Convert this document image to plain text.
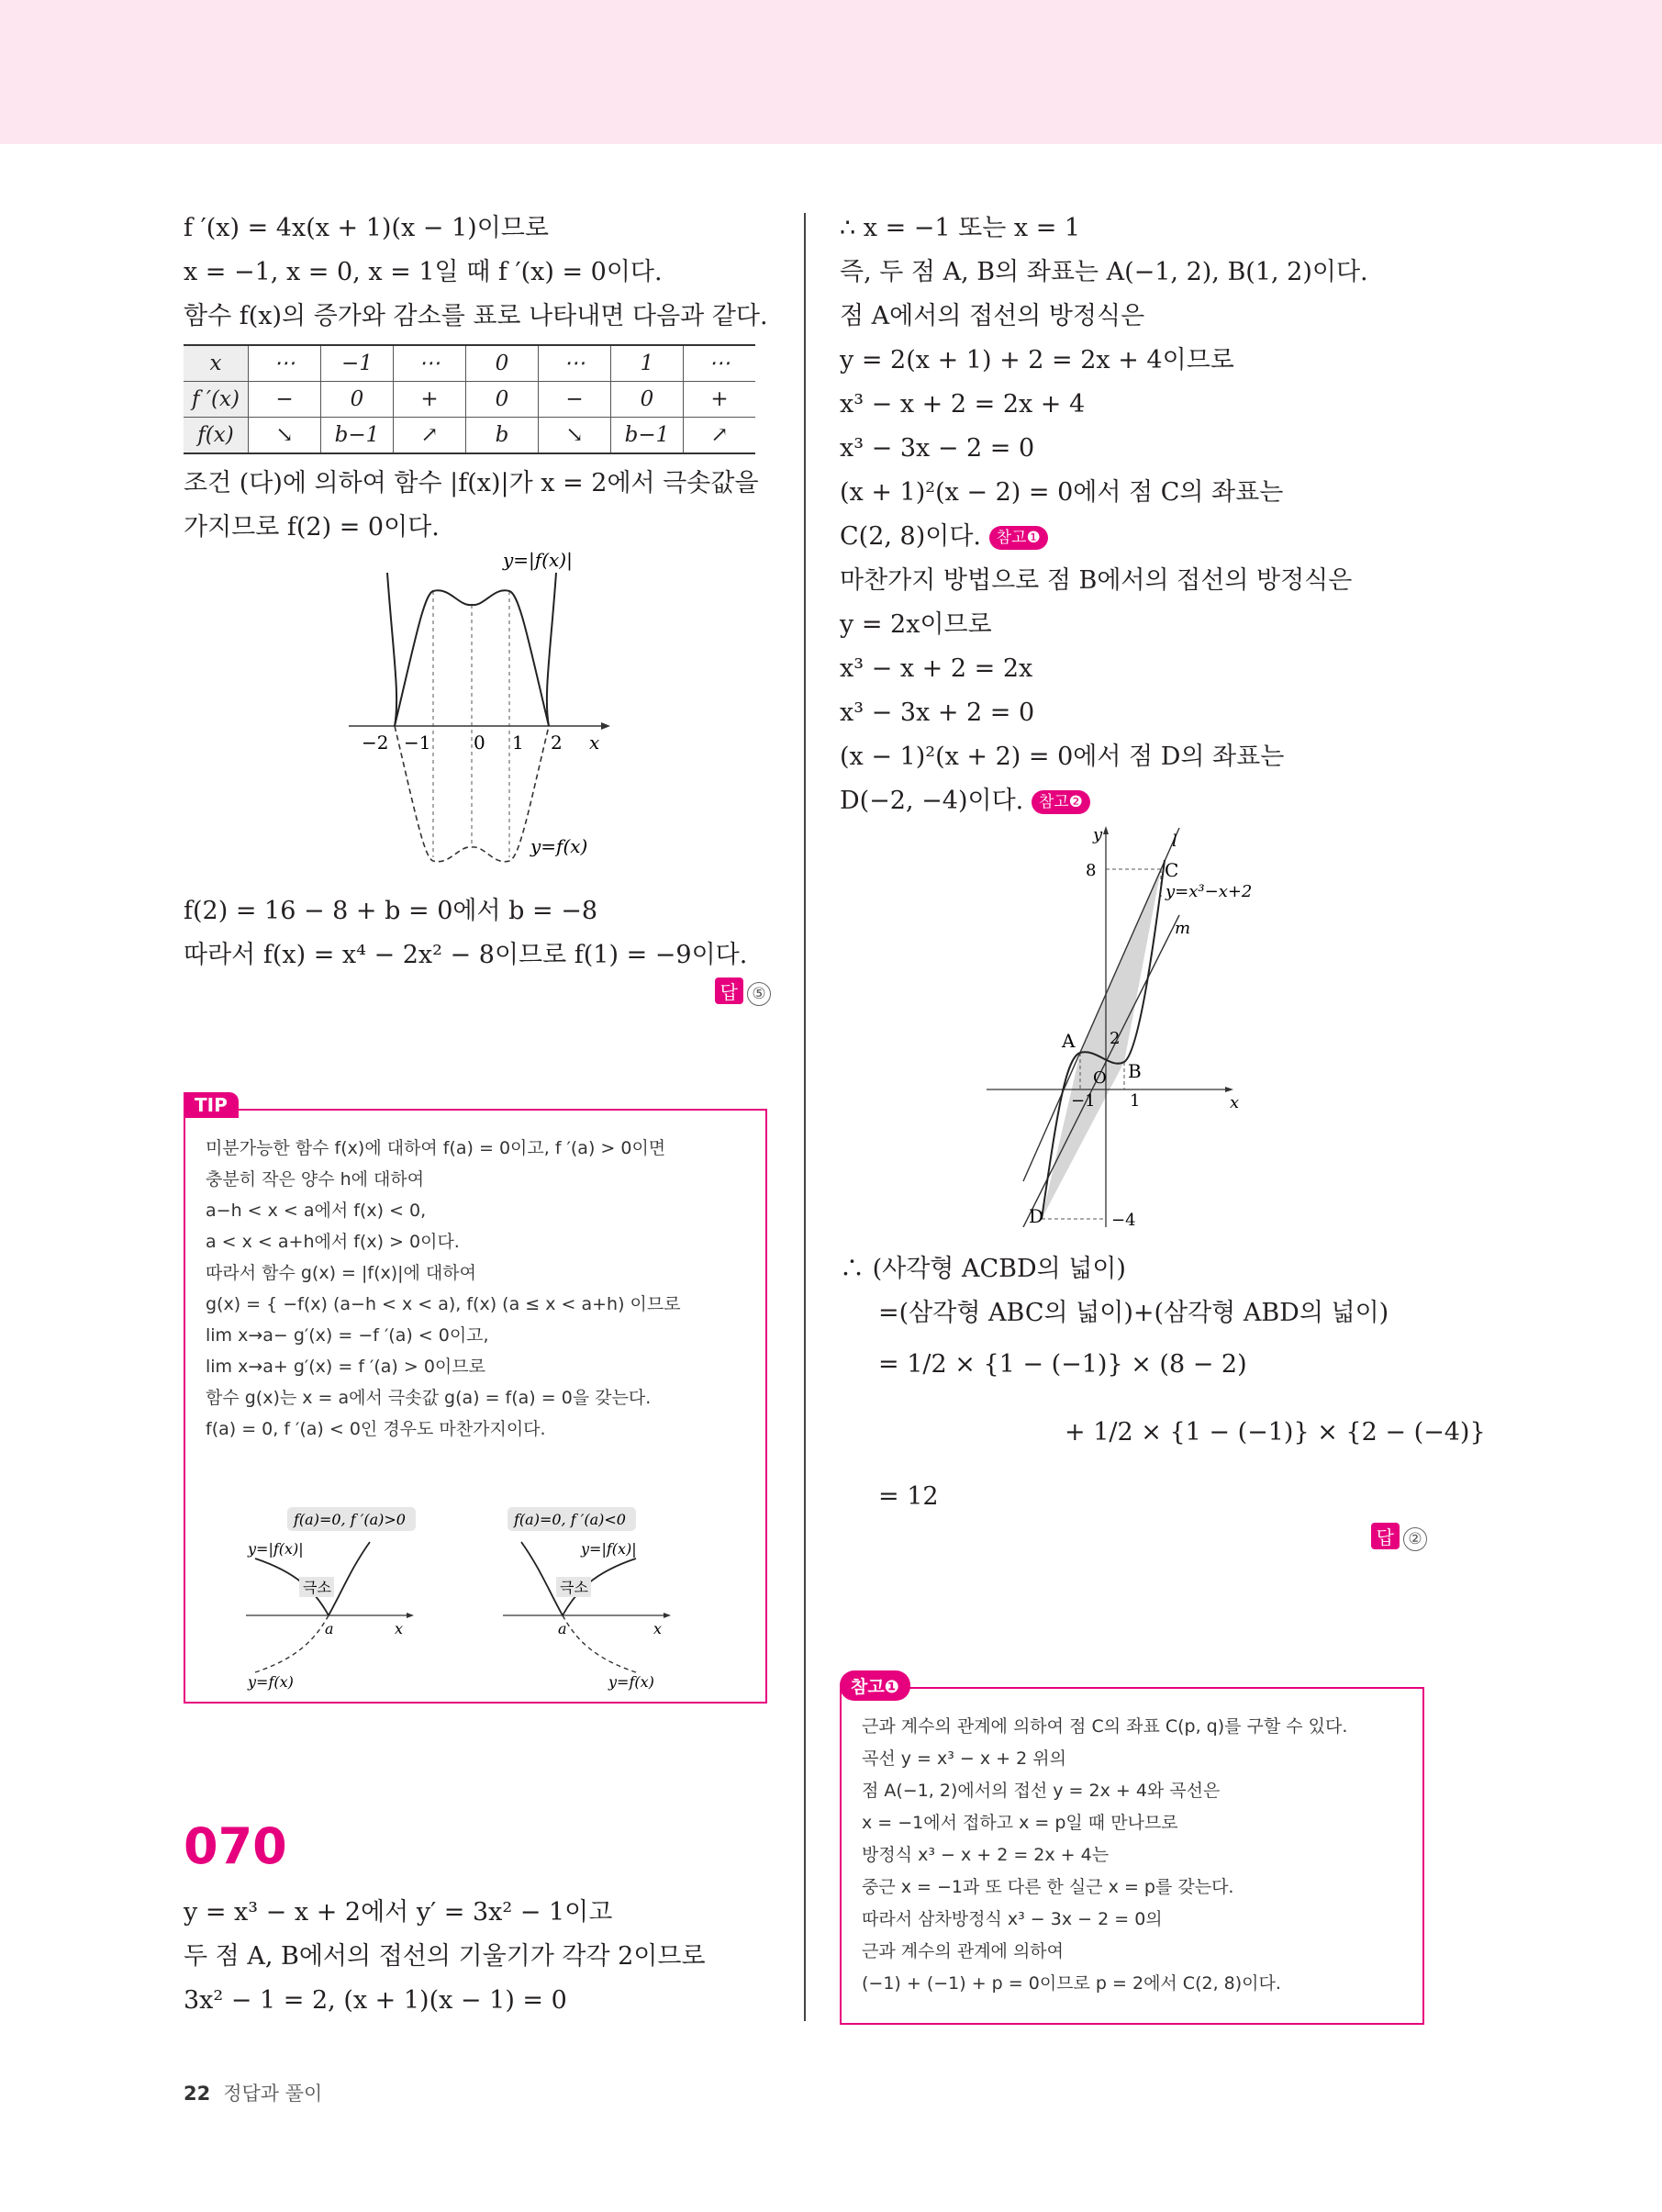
f ′(x) = 4x(x + 1)(x − 1)이므로
x = −1, x = 0, x = 1일 때 f ′(x) = 0이다.
함수 f(x)의 증가와 감소를 표로 나타내면 다음과 같다.
x	⋯	−1	⋯	0	⋯	1	⋯
f ′(x)	−	0	+	0	−	0	+
f(x)	↘	b−1	↗	b	↘	b−1	↗
조건 (다)에 의하여 함수 |f(x)|가 x = 2에서 극솟값을
가지므로 f(2) = 0이다.
y=|f(x)|
y=f(x)
−2 −1 0 1 2 x
f(2) = 16 − 8 + b = 0에서 b = −8
따라서 f(x) = x⁴ − 2x² − 8이므로 f(1) = −9이다.
답 ⑤
TIP
미분가능한 함수 f(x)에 대하여 f(a) = 0이고, f ′(a) > 0이면
충분히 작은 양수 h에 대하여
a−h < x < a에서 f(x) < 0,
a < x < a+h에서 f(x) > 0이다.
따라서 함수 g(x) = |f(x)|에 대하여
g(x) = { −f(x) (a−h < x < a), f(x) (a ≤ x < a+h) 이므로
lim x→a− g′(x) = −f ′(a) < 0이고,
lim x→a+ g′(x) = f ′(a) > 0이므로
함수 g(x)는 x = a에서 극솟값 g(a) = f(a) = 0을 갖는다.
f(a) = 0, f ′(a) < 0인 경우도 마찬가지이다.
f(a)=0, f ′(a)>0
y=|f(x)|
극소
a	x
y=f(x)
f(a)=0, f ′(a)<0
y=|f(x)|
극소
a	x
y=f(x)
070
y = x³ − x + 2에서 y′ = 3x² − 1이고
두 점 A, B에서의 접선의 기울기가 각각 2이므로
3x² − 1 = 2, (x + 1)(x − 1) = 0
∴ x = −1 또는 x = 1
즉, 두 점 A, B의 좌표는 A(−1, 2), B(1, 2)이다.
점 A에서의 접선의 방정식은
y = 2(x + 1) + 2 = 2x + 4이므로
x³ − x + 2 = 2x + 4
x³ − 3x − 2 = 0
(x + 1)²(x − 2) = 0에서 점 C의 좌표는
C(2, 8)이다. 참고❶
마찬가지 방법으로 점 B에서의 접선의 방정식은
y = 2x이므로
x³ − x + 2 = 2x
x³ − 3x + 2 = 0
(x − 1)²(x + 2) = 0에서 점 D의 좌표는
D(−2, −4)이다. 참고❷
y
x
l
m
C
y=x³−x+2
A
B
O
D
8
2
−1 1
−4
∴ (사각형 ACBD의 넓이)
=(삼각형 ABC의 넓이)+(삼각형 ABD의 넓이)
= 1/2 × {1 − (−1)} × (8 − 2)
+ 1/2 × {1 − (−1)} × {2 − (−4)}
= 12
답 ②
참고❶
근과 계수의 관계에 의하여 점 C의 좌표 C(p, q)를 구할 수 있다.
곡선 y = x³ − x + 2 위의
점 A(−1, 2)에서의 접선 y = 2x + 4와 곡선은
x = −1에서 접하고 x = p일 때 만나므로
방정식 x³ − x + 2 = 2x + 4는
중근 x = −1과 또 다른 한 실근 x = p를 갖는다.
따라서 삼차방정식 x³ − 3x − 2 = 0의
근과 계수의 관계에 의하여
(−1) + (−1) + p = 0이므로 p = 2에서 C(2, 8)이다.
22 정답과 풀이
